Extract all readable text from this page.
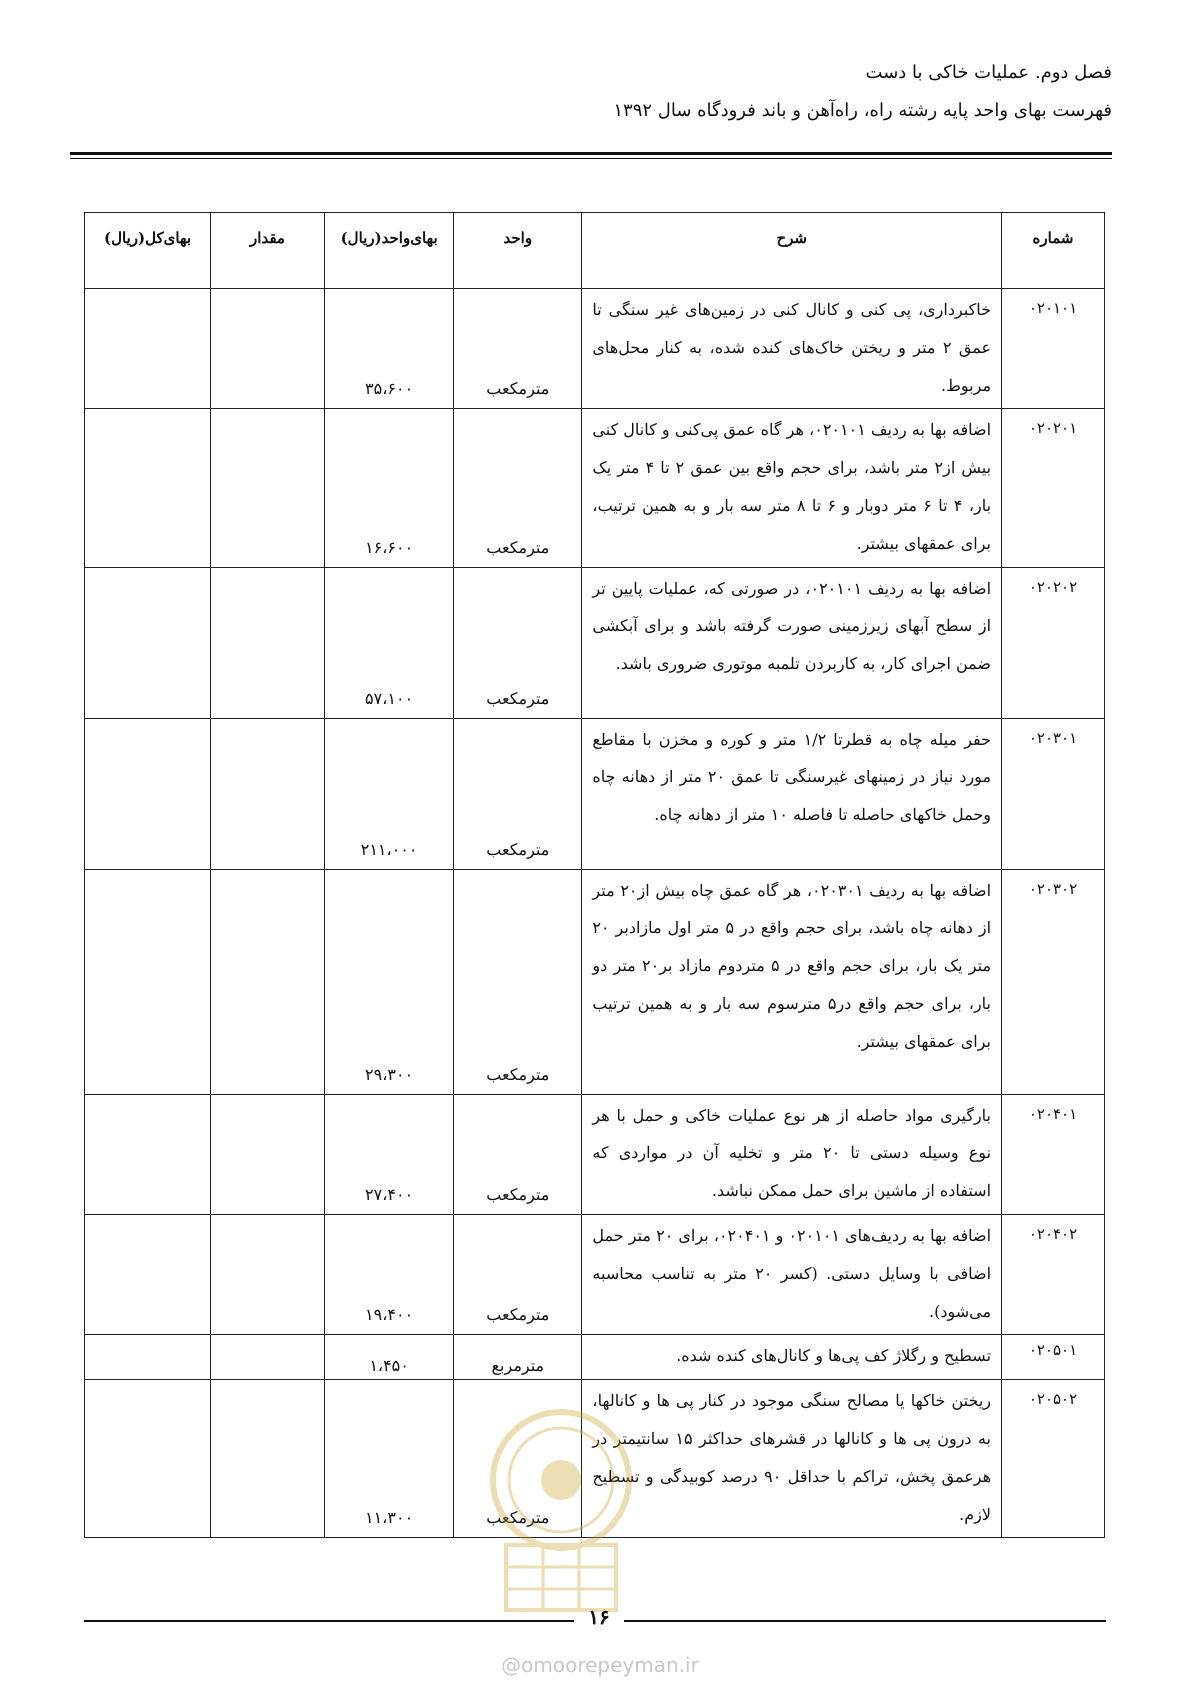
فصل دوم. عملیات خاکی با دست
فهرست بهای واحد پایه رشته راه، راه‌آهن و باند فرودگاه سال ۱۳۹۲
شماره	شرح	واحد	بهای‌واحد(ریال)	مقدار	بهای‌کل(ریال)
۰۲۰۱۰۱	خاکبرداری، پی کنی و کانال کنی در زمین‌های غیر سنگی تا عمق ۲ متر و ریختن خاک‌های کنده شده، به کنار محل‌های مربوط.	مترمکعب	۳۵،۶۰۰		
۰۲۰۲۰۱	اضافه بها به ردیف ۰۲۰۱۰۱، هر گاه عمق پی‌کنی و کانال کنی بیش از۲ متر باشد، برای حجم واقع بین عمق ۲ تا ۴ متر یک بار، ۴ تا ۶ متر دوبار و ۶ تا ۸ متر سه بار و به همین ترتیب، برای عمقهای بیشتر.	مترمکعب	۱۶،۶۰۰		
۰۲۰۲۰۲	اضافه بها به ردیف ۰۲۰۱۰۱، در صورتی که، عملیات پایین تر از سطح آبهای زیرزمینی صورت گرفته باشد و برای آبکشی ضمن اجرای کار، به کاربردن تلمبه موتوری ضروری باشد.	مترمکعب	۵۷،۱۰۰		
۰۲۰۳۰۱	حفر میله چاه به قطرتا ۱/۲ متر و کوره و مخزن با مقاطع مورد نیاز در زمینهای غیرسنگی تا عمق ۲۰ متر از دهانه چاه وحمل خاکهای حاصله تا فاصله ۱۰ متر از دهانه چاه.	مترمکعب	۲۱۱،۰۰۰		
۰۲۰۳۰۲	اضافه بها به ردیف ۰۲۰۳۰۱، هر گاه عمق چاه بیش از۲۰ متر از دهانه چاه باشد، برای حجم واقع در ۵ متر اول مازادبر ۲۰ متر یک بار، برای حجم واقع در ۵ متردوم مازاد بر۲۰ متر دو بار، برای حجم واقع در۵ مترسوم سه بار و به همین ترتیب برای عمقهای بیشتر.	مترمکعب	۲۹،۳۰۰		
۰۲۰۴۰۱	بارگیری مواد حاصله از هر نوع عملیات خاکی و حمل با هر نوع وسیله دستی تا ۲۰ متر و تخلیه آن در مواردی که استفاده از ماشین برای حمل ممکن نباشد.	مترمکعب	۲۷،۴۰۰		
۰۲۰۴۰۲	اضافه بها به ردیف‌های ۰۲۰۱۰۱ و ۰۲۰۴۰۱، برای ۲۰ متر حمل اضافی با وسایل دستی. (کسر ۲۰ متر به تناسب محاسبه می‌شود).	مترمکعب	۱۹،۴۰۰		
۰۲۰۵۰۱	تسطیح و رگلاژ کف پی‌ها و کانال‌های کنده شده.	مترمربع	۱،۴۵۰		
۰۲۰۵۰۲	ریختن خاکها یا مصالح سنگی موجود در کنار پی ها و کانالها، به درون پی ها و کانالها در قشرهای حداکثر ۱۵ سانتیمتر در هرعمق پخش، تراکم با حداقل ۹۰ درصد کوبیدگی و تسطیح لازم.	مترمکعب	۱۱،۳۰۰		
۱۶
@omoorepeyman.ir
